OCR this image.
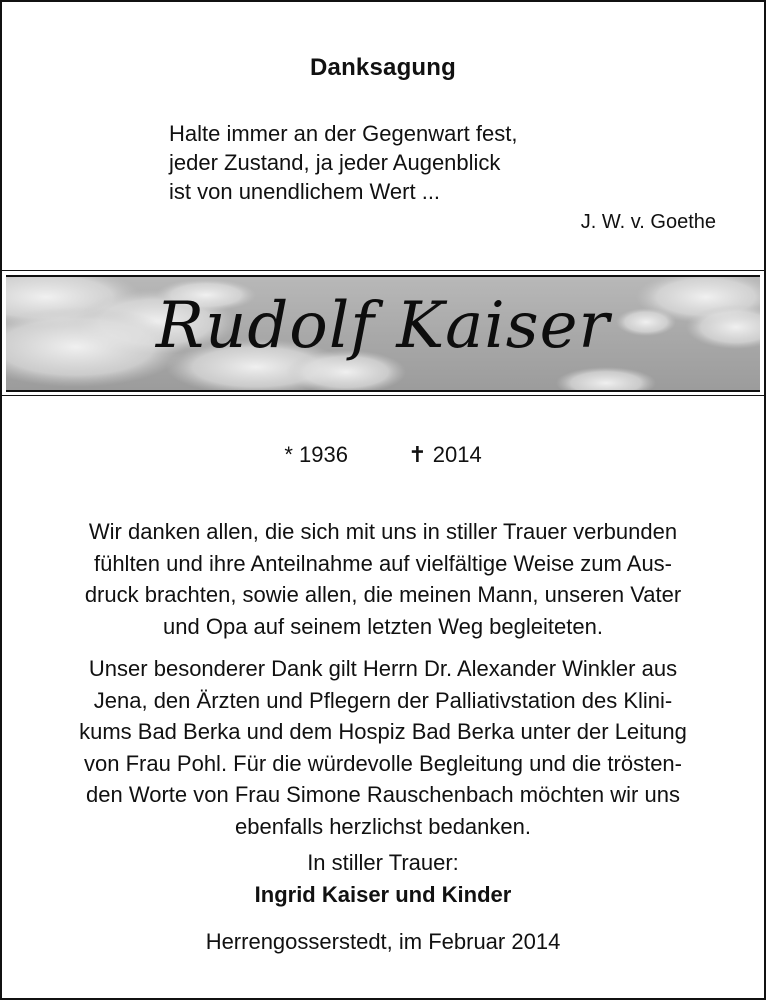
Danksagung
Halte immer an der Gegenwart fest,
jeder Zustand, ja jeder Augenblick
ist von unendlichem Wert ...
J. W. v. Goethe
Rudolf Kaiser
* 1936	✝ 2014
Wir danken allen, die sich mit uns in stiller Trauer verbunden
fühlten und ihre Anteilnahme auf vielfältige Weise zum Aus-
druck brachten, sowie allen, die meinen Mann, unseren Vater
und Opa auf seinem letzten Weg begleiteten.
Unser besonderer Dank gilt Herrn Dr. Alexander Winkler aus
Jena, den Ärzten und Pflegern der Palliativstation des Klini-
kums Bad Berka und dem Hospiz Bad Berka unter der Leitung
von Frau Pohl. Für die würdevolle Begleitung und die trösten-
den Worte von Frau Simone Rauschenbach möchten wir uns
ebenfalls herzlichst bedanken.
In stiller Trauer:
Ingrid Kaiser und Kinder
Herrengosserstedt, im Februar 2014
